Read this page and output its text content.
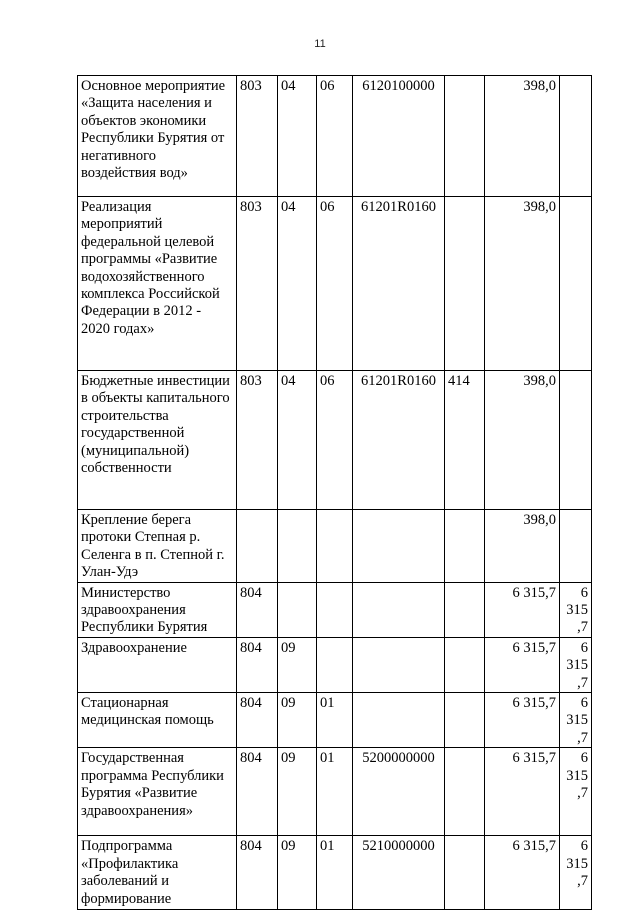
11
Основное мероприятие «Защита населения и объектов экономики Республики Бурятия от негативного воздействия вод»	803	04	06	6120100000		398,0	
Реализация мероприятий федеральной целевой программы «Развитие водохозяйственного комплекса Российской Федерации в 2012 - 2020 годах»	803	04	06	61201R0160		398,0	
Бюджетные инвестиции в объекты капитального строительства государственной (муниципальной) собственности	803	04	06	61201R0160	414	398,0	
Крепление берега протоки Степная р. Селенга в п. Степной г. Улан-Удэ						398,0	
Министерство здравоохранения Республики Бурятия	804					6 315,7	6 315,7
Здравоохранение	804	09				6 315,7	6 315,7
Стационарная медицинская помощь	804	09	01			6 315,7	6 315,7
Государственная программа Республики Бурятия «Развитие здравоохранения»	804	09	01	5200000000		6 315,7	6 315,7
Подпрограмма «Профилактика заболеваний и формирование	804	09	01	5210000000		6 315,7	6 315,7
